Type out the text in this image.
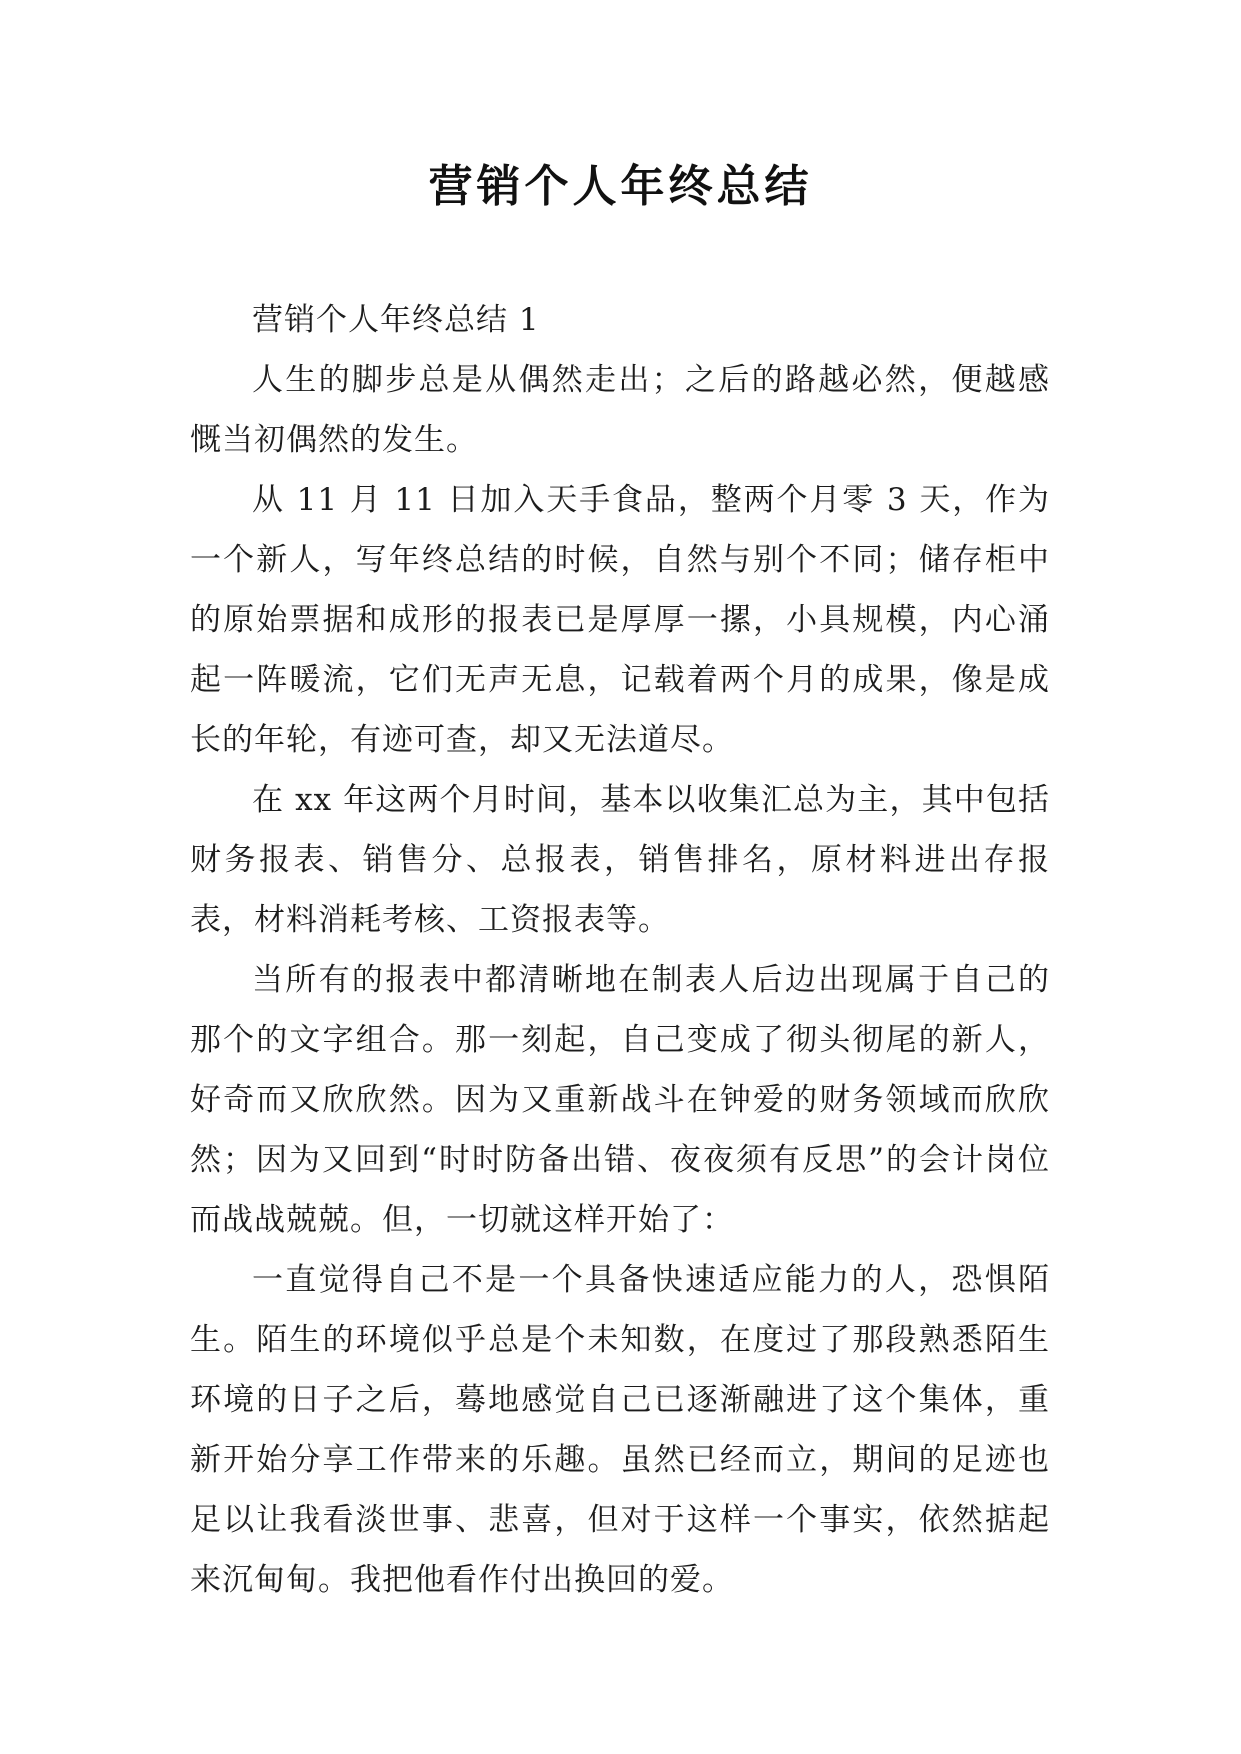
营销个人年终总结

营销个人年终总结 1

人生的脚步总是从偶然走出；之后的路越必然，便越感慨当初偶然的发生。

从 11 月 11 日加入天手食品，整两个月零 3 天，作为一个新人，写年终总结的时候，自然与别个不同；储存柜中的原始票据和成形的报表已是厚厚一摞，小具规模，内心涌起一阵暖流，它们无声无息，记载着两个月的成果，像是成长的年轮，有迹可查，却又无法道尽。

在 xx 年这两个月时间，基本以收集汇总为主，其中包括财务报表、销售分、总报表，销售排名，原材料进出存报表，材料消耗考核、工资报表等。

当所有的报表中都清晰地在制表人后边出现属于自己的那个的文字组合。那一刻起，自己变成了彻头彻尾的新人，好奇而又欣欣然。因为又重新战斗在钟爱的财务领域而欣欣然；因为又回到“时时防备出错、夜夜须有反思”的会计岗位而战战兢兢。但，一切就这样开始了：

一直觉得自己不是一个具备快速适应能力的人，恐惧陌生。陌生的环境似乎总是个未知数，在度过了那段熟悉陌生环境的日子之后，蓦地感觉自己已逐渐融进了这个集体，重新开始分享工作带来的乐趣。虽然已经而立，期间的足迹也足以让我看淡世事、悲喜，但对于这样一个事实，依然掂起来沉甸甸。我把他看作付出换回的爱。
